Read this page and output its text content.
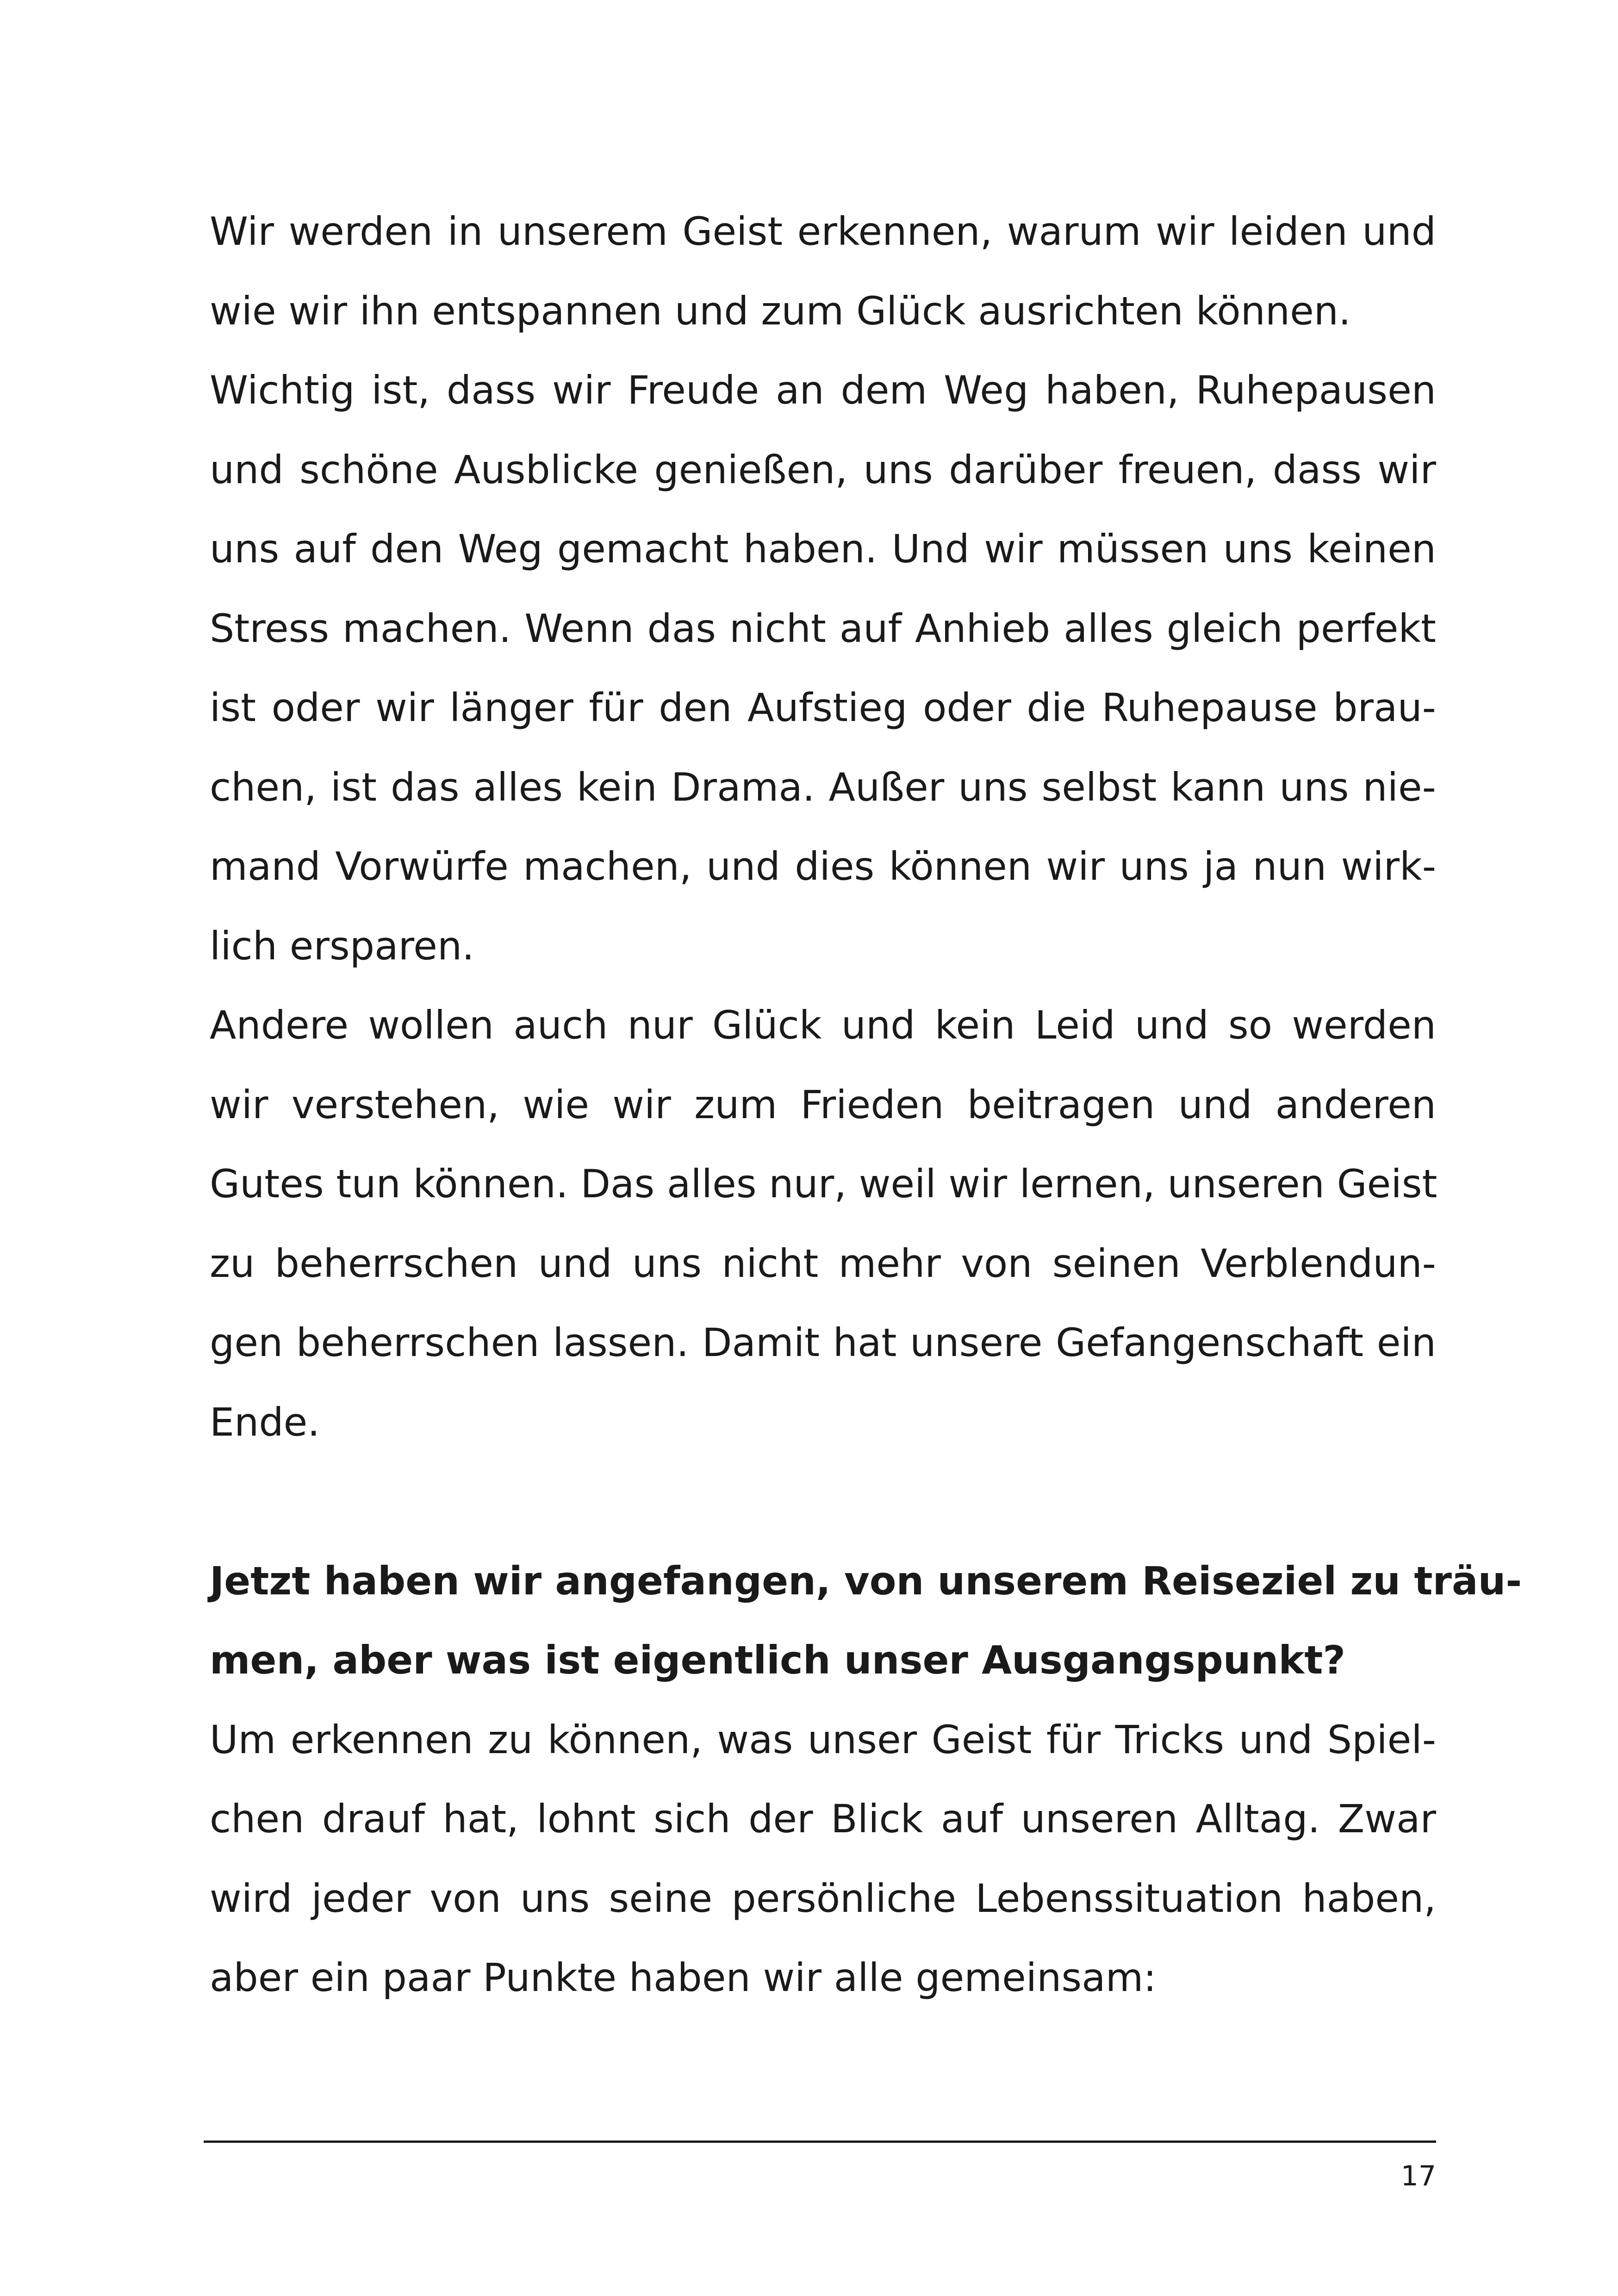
Wir werden in unserem Geist erkennen, warum wir leiden und
wie wir ihn entspannen und zum Glück ausrichten können.
Wichtig ist, dass wir Freude an dem Weg haben, Ruhepausen
und schöne Ausblicke genießen, uns darüber freuen, dass wir
uns auf den Weg gemacht haben. Und wir müssen uns keinen
Stress machen. Wenn das nicht auf Anhieb alles gleich perfekt
ist oder wir länger für den Aufstieg oder die Ruhepause brau-
chen, ist das alles kein Drama. Außer uns selbst kann uns nie-
mand Vorwürfe machen, und dies können wir uns ja nun wirk-
lich ersparen.
Andere wollen auch nur Glück und kein Leid und so werden
wir verstehen, wie wir zum Frieden beitragen und anderen
Gutes tun können. Das alles nur, weil wir lernen, unseren Geist
zu beherrschen und uns nicht mehr von seinen Verblendun-
gen beherrschen lassen. Damit hat unsere Gefangenschaft ein
Ende.
Jetzt haben wir angefangen, von unserem Reiseziel zu träu-
men, aber was ist eigentlich unser Ausgangspunkt?
Um erkennen zu können, was unser Geist für Tricks und Spiel-
chen drauf hat, lohnt sich der Blick auf unseren Alltag. Zwar
wird jeder von uns seine persönliche Lebenssituation haben,
aber ein paar Punkte haben wir alle gemeinsam:
17
